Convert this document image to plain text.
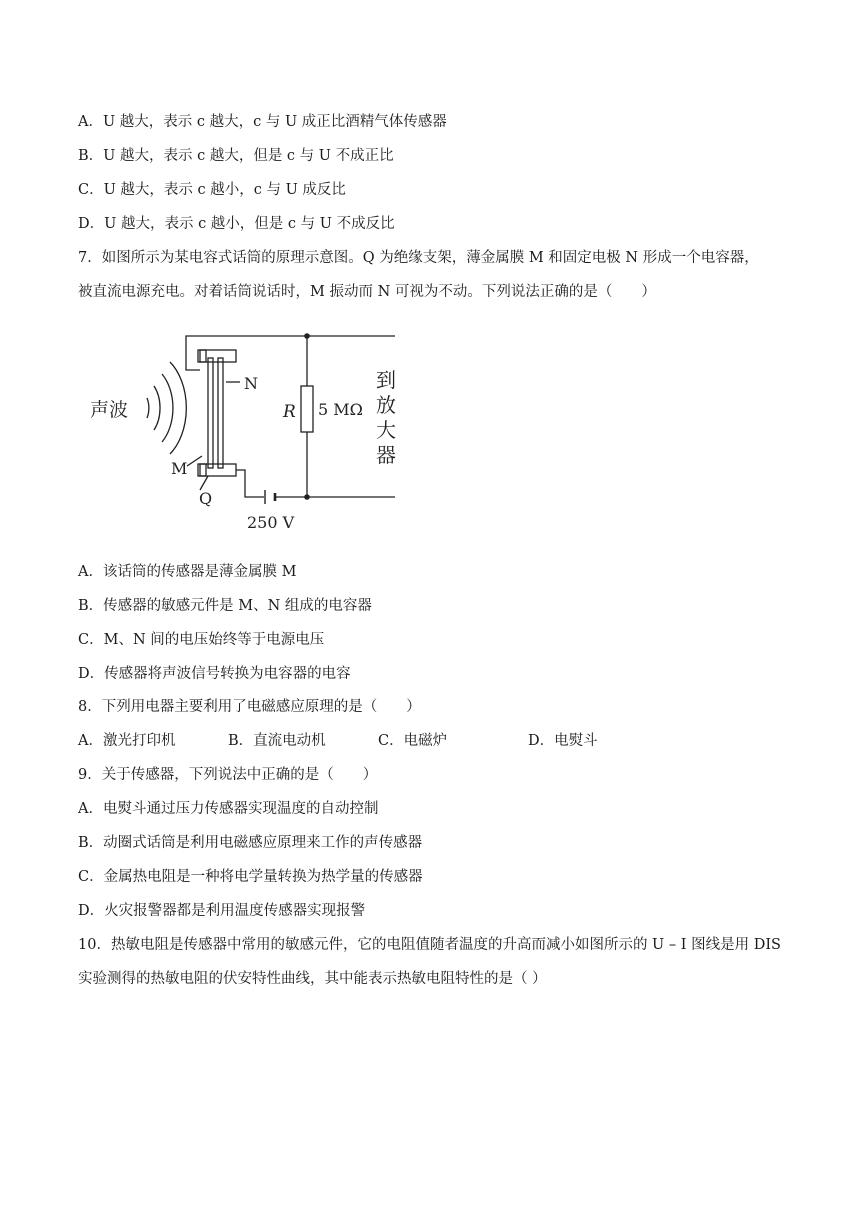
A．U 越大，表示 c 越大，c 与 U 成正比酒精气体传感器
B．U 越大，表示 c 越大，但是 c 与 U 不成正比
C．U 越大，表示 c 越小，c 与 U 成反比
D．U 越大，表示 c 越小，但是 c 与 U 不成反比
7．如图所示为某电容式话筒的原理示意图。Q 为绝缘支架，薄金属膜 M 和固定电极 N 形成一个电容器，
被直流电源充电。对着话筒说话时，M 振动而 N 可视为不动。下列说法正确的是（　　）
声波
N
M
Q
R 5 MΩ
到
放
大
器
250 V
A．该话筒的传感器是薄金属膜 M
B．传感器的敏感元件是 M、N 组成的电容器
C．M、N 间的电压始终等于电源电压
D．传感器将声波信号转换为电容器的电容
8．下列用电器主要利用了电磁感应原理的是（　　）
A．激光打印机	B．直流电动机	C．电磁炉	D．电熨斗
9．关于传感器，下列说法中正确的是（　　）
A．电熨斗通过压力传感器实现温度的自动控制
B．动圈式话筒是利用电磁感应原理来工作的声传感器
C．金属热电阻是一种将电学量转换为热学量的传感器
D．火灾报警器都是利用温度传感器实现报警
10．热敏电阻是传感器中常用的敏感元件，它的电阻值随者温度的升高而减小如图所示的 U – I 图线是用 DIS
实验测得的热敏电阻的伏安特性曲线，其中能表示热敏电阻特性的是（ ）
